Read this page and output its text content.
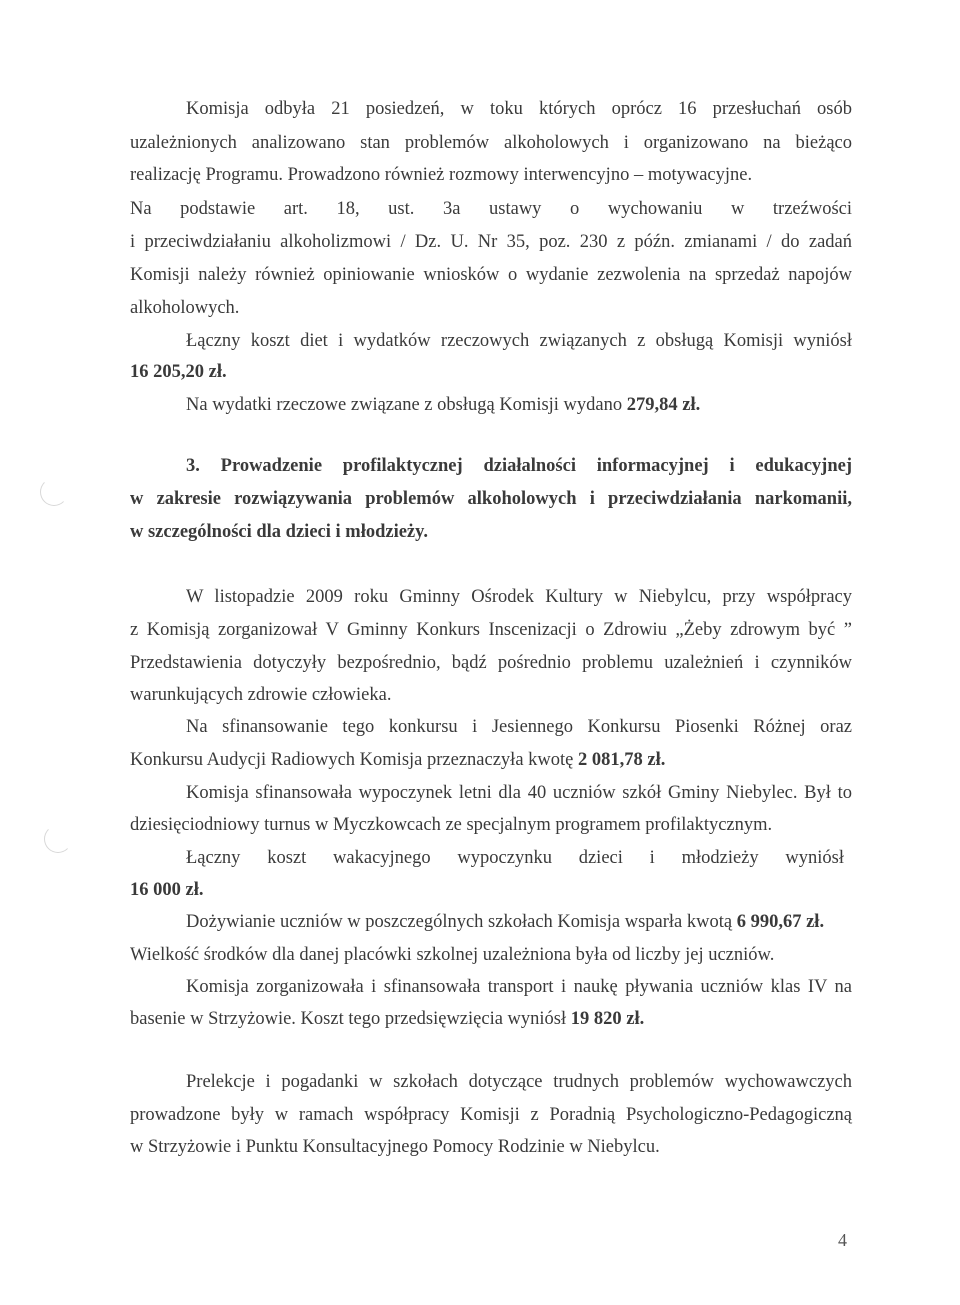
Komisja odbyła 21 posiedzeń, w toku których oprócz 16 przesłuchań osób
uzależnionych analizowano stan problemów alkoholowych i organizowano na bieżąco
realizację Programu. Prowadzono również rozmowy interwencyjno – motywacyjne.
Na podstawie art. 18, ust. 3a ustawy o wychowaniu w trzeźwości
i przeciwdziałaniu alkoholizmowi / Dz. U. Nr 35, poz. 230 z późn. zmianami / do zadań
Komisji należy również opiniowanie wniosków o wydanie zezwolenia na sprzedaż napojów
alkoholowych.
Łączny koszt diet i wydatków rzeczowych związanych z obsługą Komisji wyniósł
16 205,20 zł.
Na wydatki rzeczowe związane z obsługą Komisji wydano 279,84 zł.
3. Prowadzenie profilaktycznej działalności informacyjnej i edukacyjnej
w zakresie rozwiązywania problemów alkoholowych i przeciwdziałania narkomanii,
w szczególności dla dzieci i młodzieży.
W listopadzie 2009 roku Gminny Ośrodek Kultury w Niebylcu, przy współpracy
z Komisją zorganizował V Gminny Konkurs Inscenizacji o Zdrowiu „Żeby zdrowym być ”
Przedstawienia dotyczyły bezpośrednio, bądź pośrednio problemu uzależnień i czynników
warunkujących zdrowie człowieka.
Na sfinansowanie tego konkursu i Jesiennego Konkursu Piosenki Różnej oraz
Konkursu Audycji Radiowych Komisja przeznaczyła kwotę 2 081,78 zł.
Komisja sfinansowała wypoczynek letni dla 40 uczniów szkół Gminy Niebylec. Był to
dziesięciodniowy turnus w Myczkowcach ze specjalnym programem profilaktycznym.
Łączny koszt wakacyjnego wypoczynku dzieci i młodzieży wyniósł
16 000 zł.
Dożywianie uczniów w poszczególnych szkołach Komisja wsparła kwotą 6 990,67 zł.
Wielkość środków dla danej placówki szkolnej uzależniona była od liczby jej uczniów.
Komisja zorganizowała i sfinansowała transport i naukę pływania uczniów klas IV na
basenie w Strzyżowie. Koszt tego przedsięwzięcia wyniósł 19 820 zł.
Prelekcje i pogadanki w szkołach dotyczące trudnych problemów wychowawczych
prowadzone były w ramach współpracy Komisji z Poradnią Psychologiczno-Pedagogiczną
w Strzyżowie i Punktu Konsultacyjnego Pomocy Rodzinie w Niebylcu.
4
